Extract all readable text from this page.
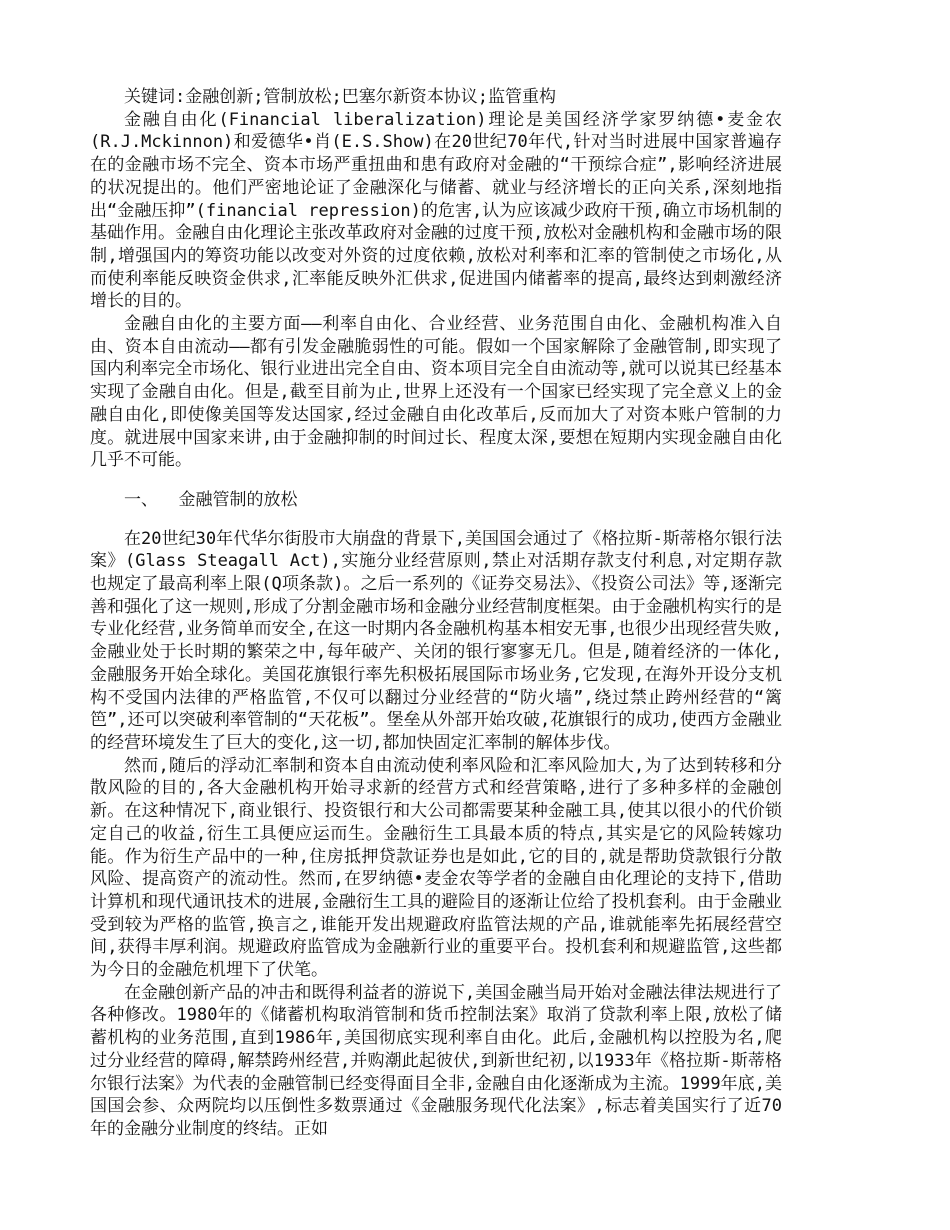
关键词:金融创新;管制放松;巴塞尔新资本协议;监管重构

金融自由化(Financial liberalization)理论是美国经济学家罗纳德•麦金农(R.J.Mckinnon)和爱德华•肖(E.S.Show)在20世纪70年代,针对当时进展中国家普遍存在的金融市场不完全、资本市场严重扭曲和患有政府对金融的“干预综合症”,影响经济进展的状况提出的。他们严密地论证了金融深化与储蓄、就业与经济增长的正向关系,深刻地指出“金融压抑”(financial repression)的危害,认为应该减少政府干预,确立市场机制的基础作用。金融自由化理论主张改革政府对金融的过度干预,放松对金融机构和金融市场的限制,增强国内的筹资功能以改变对外资的过度依赖,放松对利率和汇率的管制使之市场化,从而使利率能反映资金供求,汇率能反映外汇供求,促进国内储蓄率的提高,最终达到刺激经济增长的目的。

金融自由化的主要方面——利率自由化、合业经营、业务范围自由化、金融机构准入自由、资本自由流动——都有引发金融脆弱性的可能。假如一个国家解除了金融管制,即实现了国内利率完全市场化、银行业进出完全自由、资本项目完全自由流动等,就可以说其已经基本实现了金融自由化。但是,截至目前为止,世界上还没有一个国家已经实现了完全意义上的金融自由化,即使像美国等发达国家,经过金融自由化改革后,反而加大了对资本账户管制的力度。就进展中国家来讲,由于金融抑制的时间过长、程度太深,要想在短期内实现金融自由化几乎不可能。

一、  金融管制的放松

在20世纪30年代华尔街股市大崩盘的背景下,美国国会通过了《格拉斯-斯蒂格尔银行法案》(Glass Steagall Act),实施分业经营原则,禁止对活期存款支付利息,对定期存款也规定了最高利率上限(Q项条款)。之后一系列的《证券交易法》、《投资公司法》等,逐渐完善和强化了这一规则,形成了分割金融市场和金融分业经营制度框架。由于金融机构实行的是专业化经营,业务简单而安全,在这一时期内各金融机构基本相安无事,也很少出现经营失败,金融业处于长时期的繁荣之中,每年破产、关闭的银行寥寥无几。但是,随着经济的一体化,金融服务开始全球化。美国花旗银行率先积极拓展国际市场业务,它发现,在海外开设分支机构不受国内法律的严格监管,不仅可以翻过分业经营的“防火墙”,绕过禁止跨州经营的“篱笆”,还可以突破利率管制的“天花板”。堡垒从外部开始攻破,花旗银行的成功,使西方金融业的经营环境发生了巨大的变化,这一切,都加快固定汇率制的解体步伐。

然而,随后的浮动汇率制和资本自由流动使利率风险和汇率风险加大,为了达到转移和分散风险的目的,各大金融机构开始寻求新的经营方式和经营策略,进行了多种多样的金融创新。在这种情况下,商业银行、投资银行和大公司都需要某种金融工具,使其以很小的代价锁定自己的收益,衍生工具便应运而生。金融衍生工具最本质的特点,其实是它的风险转嫁功能。作为衍生产品中的一种,住房抵押贷款证券也是如此,它的目的,就是帮助贷款银行分散风险、提高资产的流动性。然而,在罗纳德•麦金农等学者的金融自由化理论的支持下,借助计算机和现代通讯技术的进展,金融衍生工具的避险目的逐渐让位给了投机套利。由于金融业受到较为严格的监管,换言之,谁能开发出规避政府监管法规的产品,谁就能率先拓展经营空间,获得丰厚利润。规避政府监管成为金融新行业的重要平台。投机套利和规避监管,这些都为今日的金融危机埋下了伏笔。

在金融创新产品的冲击和既得利益者的游说下,美国金融当局开始对金融法律法规进行了各种修改。1980年的《储蓄机构取消管制和货币控制法案》取消了贷款利率上限,放松了储蓄机构的业务范围,直到1986年,美国彻底实现利率自由化。此后,金融机构以控股为名,爬过分业经营的障碍,解禁跨州经营,并购潮此起彼伏,到新世纪初,以1933年《格拉斯-斯蒂格尔银行法案》为代表的金融管制已经变得面目全非,金融自由化逐渐成为主流。1999年底,美国国会参、众两院均以压倒性多数票通过《金融服务现代化法案》,标志着美国实行了近70年的金融分业制度的终结。正如
